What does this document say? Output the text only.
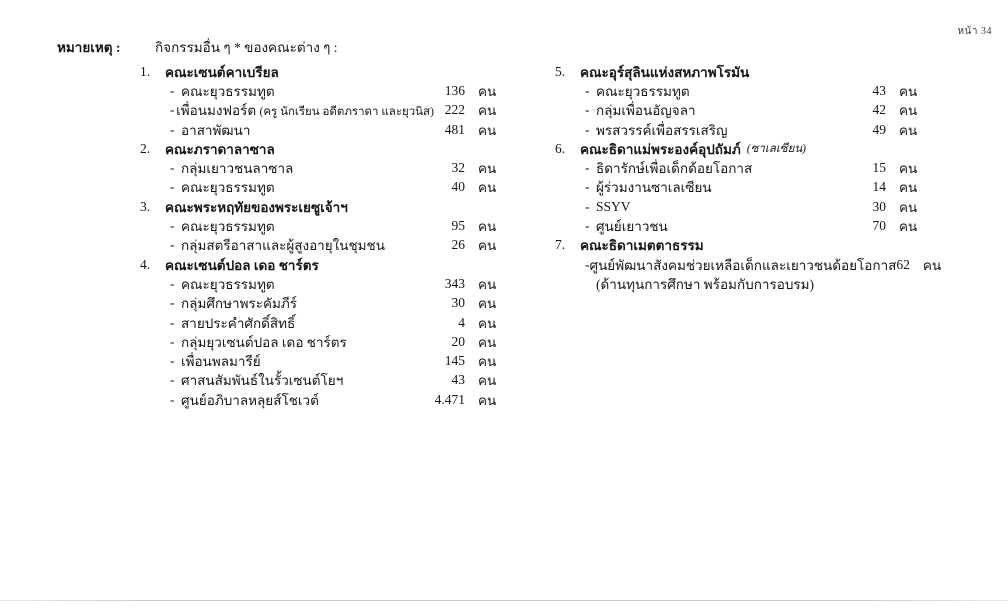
หน้า 34
หมายเหตุ :	กิจกรรมอื่น ๆ * ของคณะต่าง ๆ :
1.	คณะเซนต์คาเบรียล
- คณะยุวธรรมทูต	136 คน
- เพื่อนมงฟอร์ต (ครู นักเรียน อดีตภราดา และยุวนิส) 222 คน
- อาสาพัฒนา	481 คน
2.	คณะภราดาลาซาล
- กลุ่มเยาวชนลาซาล	32 คน
- คณะยุวธรรมทูต	40 คน
3.	คณะพระหฤทัยของพระเยซูเจ้าฯ
- คณะยุวธรรมทูต	95 คน
- กลุ่มสตรีอาสาและผู้สูงอายุในชุมชน	26 คน
4.	คณะเซนต์ปอล เดอ ชาร์ตร
- คณะยุวธรรมทูต	343 คน
- กลุ่มศึกษาพระคัมภีร์	30 คน
- สายประคำศักดิ์สิทธิ์	4 คน
- กลุ่มยุวเซนต์ปอล เดอ ชาร์ตร	20 คน
- เพื่อนพลมารีย์	145 คน
- ศาสนสัมพันธ์ในรั้วเซนต์โยฯ	43 คน
- ศูนย์อภิบาลหลุยส์โชเวต์	4.471 คน
5.	คณะอุร์สุลินแห่งสหภาพโรมัน
- คณะยุวธรรมทูต	43 คน
- กลุ่มเพื่อนอัญจลา	42 คน
- พรสวรรค์เพื่อสรรเสริญ	49 คน
6.	คณะธิดาแม่พระองค์อุปถัมภ์ (ซาเลเซียน)
- ธิดารักษ์เพื่อเด็กด้อยโอกาส	15 คน
- ผู้ร่วมงานซาเลเซียน	14 คน
- SSYV	30 คน
- ศูนย์เยาวชน	70 คน
7.	คณะธิดาเมตตาธรรม
- ศูนย์พัฒนาสังคมช่วยเหลือเด็กและเยาวชนด้อยโอกาส 62 คน
(ด้านทุนการศึกษา พร้อมกับการอบรม)
